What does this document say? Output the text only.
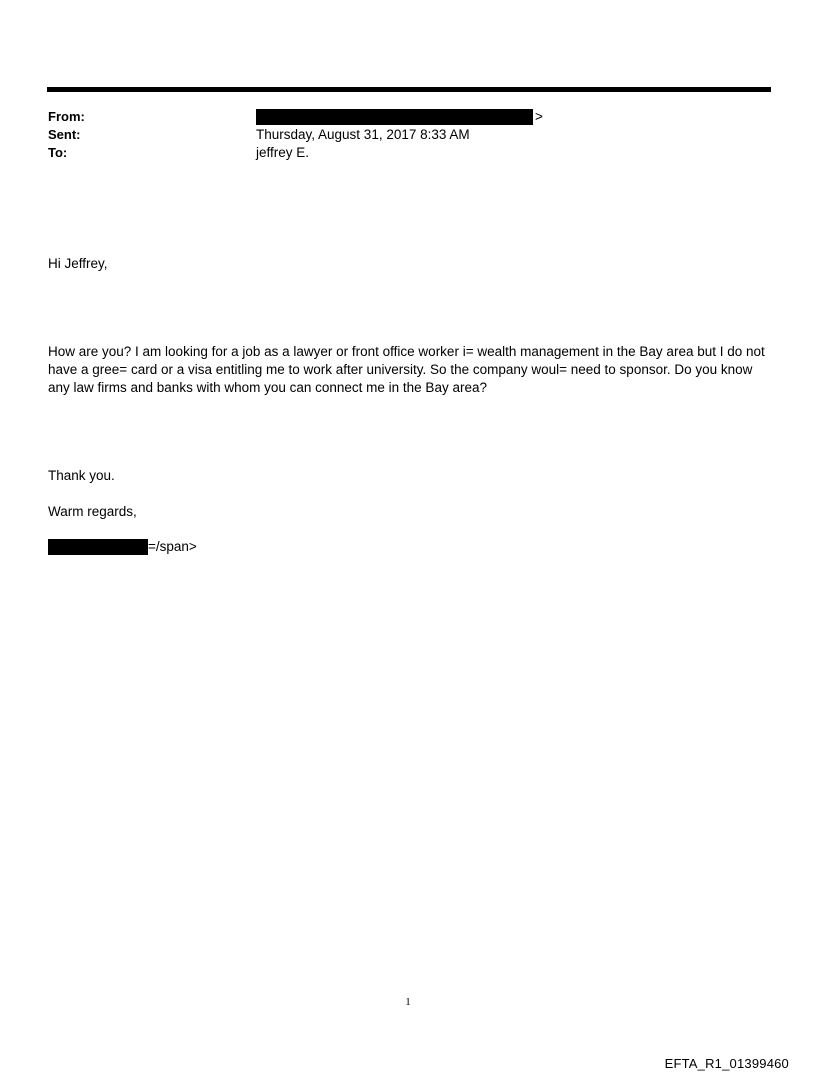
From:	>
Sent:	Thursday, August 31, 2017 8:33 AM
To:	jeffrey E.

Hi Jeffrey,

How are you? I am looking for a job as a lawyer or front office worker i= wealth management in the Bay area but I do not
have a gree= card or a visa entitling me to work after university. So the company woul= need to sponsor. Do you know
any law firms and banks with whom you can connect me in the Bay area?

Thank you.

Warm regards,

=/span>
1
EFTA_R1_01399460
